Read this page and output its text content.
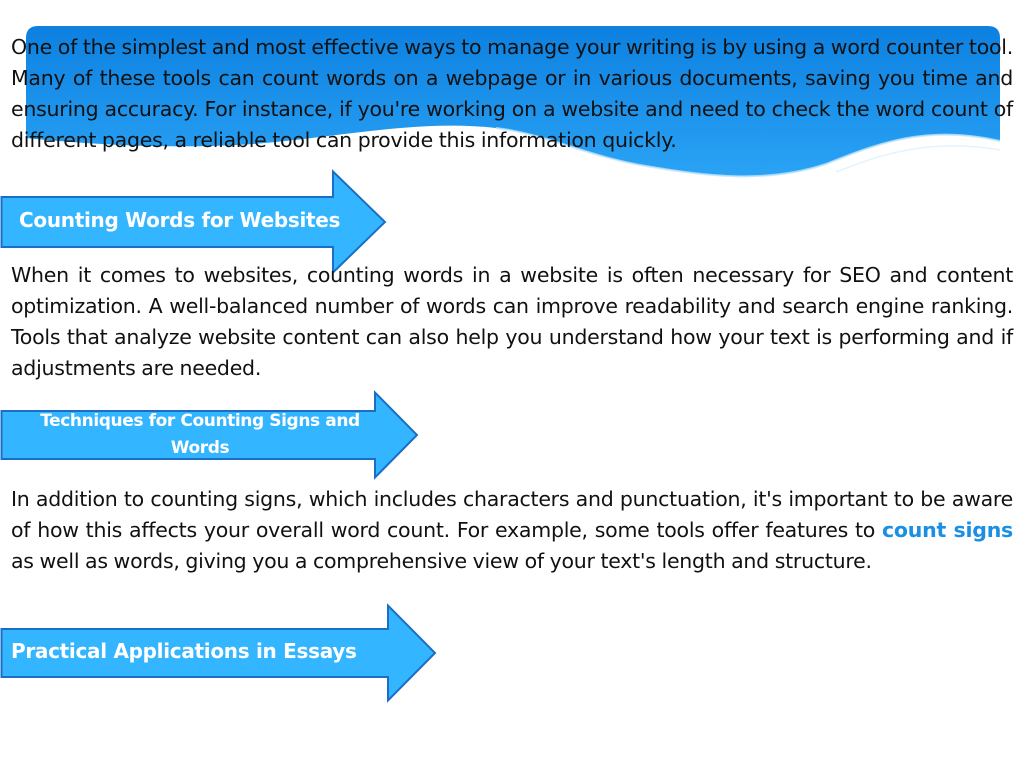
One of the simplest and most effective ways to manage your writing is by using a word counter tool. Many of these tools can count words on a webpage or in various documents, saving you time and ensuring accuracy. For instance, if you're working on a website and need to check the word count of different pages, a reliable tool can provide this information quickly.
Counting Words for Websites
When it comes to websites, counting words in a website is often necessary for SEO and content optimization. A well-balanced number of words can improve readability and search engine ranking. Tools that analyze website content can also help you understand how your text is performing and if adjustments are needed.
Techniques for Counting Signs and Words
In addition to counting signs, which includes characters and punctuation, it's important to be aware of how this affects your overall word count. For example, some tools offer features to count signs as well as words, giving you a comprehensive view of your text's length and structure.
Practical Applications in Essays
